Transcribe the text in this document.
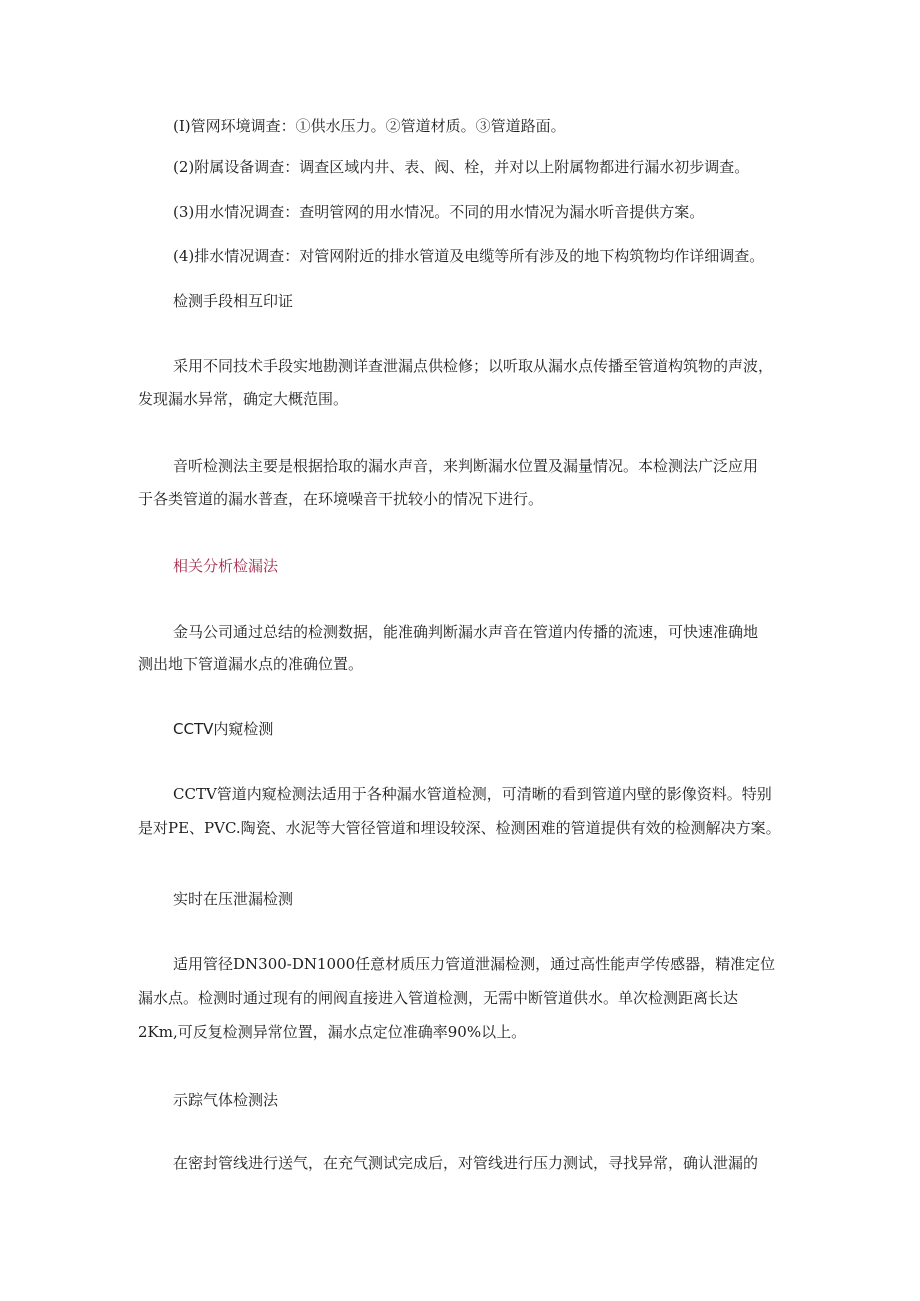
(I)管网环境调查：①供水压力。②管道材质。③管道路面。
(2)附属设备调查：调查区域内井、表、阀、栓，并对以上附属物都进行漏水初步调查。
(3)用水情况调查：查明管网的用水情况。不同的用水情况为漏水听音提供方案。
(4)排水情况调查：对管网附近的排水管道及电缆等所有涉及的地下构筑物均作详细调查。
检测手段相互印证
采用不同技术手段实地勘测详查泄漏点供检修；以听取从漏水点传播至管道构筑物的声波，
发现漏水异常，确定大概范围。
音听检测法主要是根据拾取的漏水声音，来判断漏水位置及漏量情况。本检测法广泛应用
于各类管道的漏水普查，在环境噪音干扰较小的情况下进行。
相关分析检漏法
金马公司通过总结的检测数据，能准确判断漏水声音在管道内传播的流速，可快速准确地
测出地下管道漏水点的准确位置。
CCTV内窥检测
CCTV管道内窥检测法适用于各种漏水管道检测，可清晰的看到管道内壁的影像资料。特别
是对PE、PVC.陶瓷、水泥等大管径管道和埋设较深、检测困难的管道提供有效的检测解决方案。
实时在压泄漏检测
适用管径DN300-DN1000任意材质压力管道泄漏检测，通过高性能声学传感器，精准定位
漏水点。检测时通过现有的闸阀直接进入管道检测，无需中断管道供水。单次检测距离长达
2Km,可反复检测异常位置，漏水点定位准确率90%以上。
示踪气体检测法
在密封管线进行送气，在充气测试完成后，对管线进行压力测试，寻找异常，确认泄漏的
